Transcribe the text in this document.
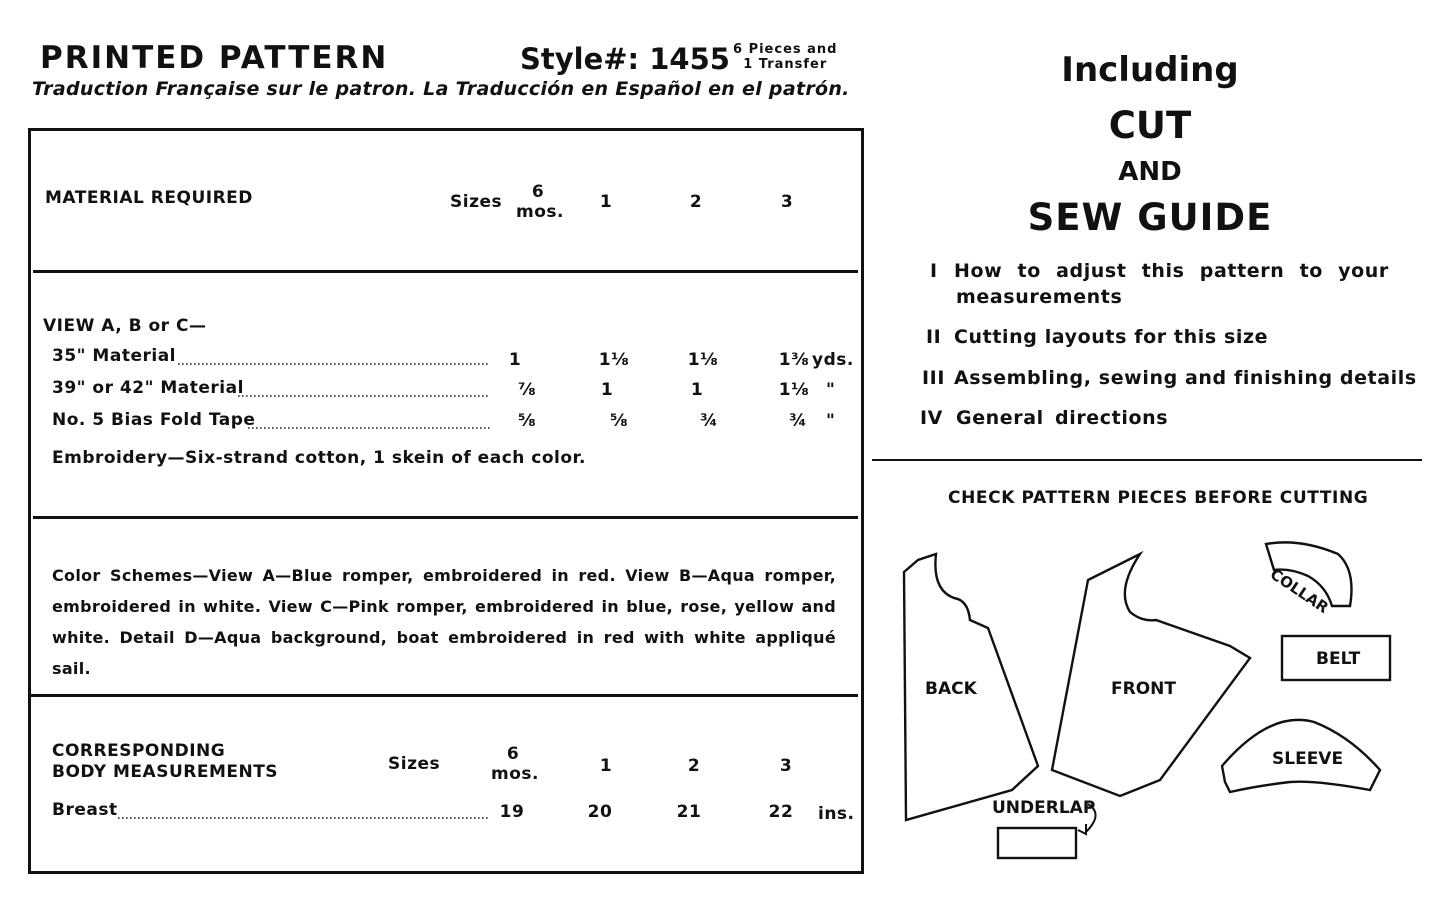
PRINTED PATTERN	Style#: 1455 6 Pieces and
1 Transfer
Traduction Française sur le patron. La Traducción en Español en el patrón.
MATERIAL REQUIRED	Sizes	6
mos.	1	2	3
VIEW A, B or C—
35" Material	1	1⅛	1⅛	1⅜ yds.
39" or 42" Material	⅞	1	1	1⅛ "
No. 5 Bias Fold Tape	⅝	⅝	¾	¾	"
Embroidery—Six-strand cotton, 1 skein of each color.
Color Schemes—View A—Blue romper, embroidered in red. View B—Aqua romper, embroidered in white. View C—Pink romper, embroidered in blue, rose, yellow and white. Detail D—Aqua background, boat embroidered in red with white appliqué sail.
CORRESPONDING
BODY MEASUREMENTS	Sizes	6
mos.	1	2	3
Breast	19	20	21	22 ins.
Including
CUT
AND
SEW GUIDE
I How to adjust this pattern to your
measurements
II Cutting layouts for this size
III Assembling, sewing and finishing details
IV General directions
CHECK PATTERN PIECES BEFORE CUTTING
BACK	FRONT
COLLAR
BELT
SLEEVE
UNDERLAP
